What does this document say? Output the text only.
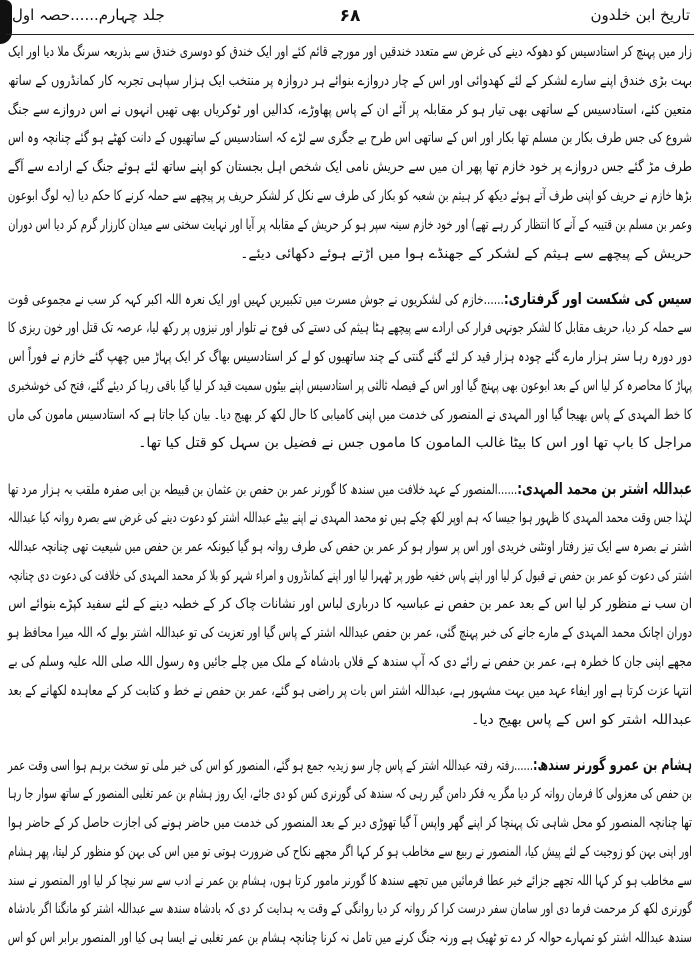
تاریخ ابن خلدون
۶۸
جلد چہارم......حصہ اول
زار میں پہنچ کر استادسیس کو دھوکہ دینے کی غرض سے متعدد خندقیں اور مورچے قائم کئے اور ایک خندق کو دوسری خندق سے بذریعہ سرنگ ملا دیا اور ایک
بہت بڑی خندق اپنے سارے لشکر کے لئے کھدوائی اور اس کے چار دروازے بنوائے ہر دروازہ پر منتخب ایک ہزار سپاہی تجربہ کار کمانڈروں کے ساتھ
متعین کئے، استادسیس کے ساتھی بھی تیار ہو کر مقابلہ پر آئے ان کے پاس پھاوڑے، کدالیں اور ٹوکریاں بھی تھیں انہوں نے اس دروازے سے جنگ
شروع کی جس طرف بکار بن مسلم تھا بکار اور اس کے ساتھی اس طرح بے جگری سے لڑے کہ استادسیس کے ساتھیوں کے دانت کھٹے ہو گئے چنانچہ وہ اس
طرف مڑ گئے جس دروازے پر خود خازم تھا پھر ان میں سے حریش نامی ایک شخص اہل بجستان کو اپنے ساتھ لئے ہوئے جنگ کے ارادے سے آگے
بڑھا خازم نے حریف کو اپنی طرف آتے ہوئے دیکھ کر ہیثم بن شعبہ کو بکار کی طرف سے نکل کر لشکر حریف پر پیچھے سے حملہ کرنے کا حکم دیا (یہ لوگ ابوعون
وعمر بن مسلم بن قتیبہ کے آنے کا انتظار کر رہے تھے) اور خود خازم سینہ سپر ہو کر حریش کے مقابلہ پر آیا اور نہایت سختی سے میدان کارزار گرم کر دیا اس دوران
حریش کے پیچھے سے ہیثم کے لشکر کے جھنڈے ہوا میں اڑتے ہوئے دکھائی دیئے۔
سیس کی شکست اور گرفتاری:......خازم کی لشکریوں نے جوش مسرت میں تکبیریں کہیں اور ایک نعرہ اللہ اکبر کہہ کر سب نے مجموعی قوت
سے حملہ کر دیا، حریف مقابل کا لشکر جونہی فرار کی ارادے سے پیچھے ہٹا ہیثم کی دستے کی فوج نے تلوار اور نیزوں پر رکھ لیا، عرصہ تک قتل اور خون ریزی کا
دور دورہ رہا ستر ہزار مارے گئے چودہ ہزار قید کر لئے گئے گنتی کے چند ساتھیوں کو لے کر استادسیس بھاگ کر ایک پہاڑ میں چھپ گئے خازم نے فوراً اس
پہاڑ کا محاصرہ کر لیا اس کے بعد ابوعون بھی پہنچ گیا اور اس کے فیصلہ ثالثی پر استادسیس اپنے بیٹوں سمیت قید کر لیا گیا باقی رہا کر دیئے گئے، فتح کی خوشخبری
کا خط المہدی کے پاس بھیجا گیا اور المہدی نے المنصور کی خدمت میں اپنی کامیابی کا حال لکھ کر بھیج دیا۔ بیان کیا جاتا ہے کہ استادسیس مامون کی ماں
مراجل کا باپ تھا اور اس کا بیٹا غالب المامون کا ماموں جس نے فضیل بن سہل کو قتل کیا تھا۔
عبداللہ اشتر بن محمد المہدی:......المنصور کے عہد خلافت میں سندھ کا گورنر عمر بن حفص بن عثمان بن قبیطہ بن ابی صفرہ ملقب بہ ہزار مرد تھا
لہٰذا جس وقت محمد المہدی کا ظہور ہوا جیسا کہ ہم اوپر لکھ چکے ہیں تو محمد المہدی نے اپنے بیٹے عبداللہ اشتر کو دعوت دینے کی غرض سے بصرہ روانہ کیا عبداللہ
اشتر نے بصرہ سے ایک تیز رفتار اونٹنی خریدی اور اس پر سوار ہو کر عمر بن حفص کی طرف روانہ ہو گیا کیونکہ عمر بن حفص میں شیعیت تھی چنانچہ عبداللہ
اشتر کی دعوت کو عمر بن حفص نے قبول کر لیا اور اپنے پاس خفیہ طور پر ٹھہرا لیا اور اپنے کمانڈروں و امراء شہر کو بلا کر محمد المہدی کی خلافت کی دعوت دی چنانچہ
ان سب نے منظور کر لیا اس کے بعد عمر بن حفص نے عباسیہ کا درباری لباس اور نشانات چاک کر کے خطبہ دینے کے لئے سفید کپڑے بنوائے اس
دوران اچانک محمد المہدی کے مارے جانے کی خبر پہنچ گئی، عمر بن حفص عبداللہ اشتر کے پاس گیا اور تعزیت کی تو عبداللہ اشتر بولے کہ اللہ میرا محافظ ہو
مجھے اپنی جان کا خطرہ ہے، عمر بن حفص نے رائے دی کہ آپ سندھ کے فلاں بادشاہ کے ملک میں چلے جائیں وہ رسول اللہ صلی اللہ علیہ وسلم کی بے
انتہا عزت کرتا ہے اور ایفاء عہد میں بہت مشہور ہے، عبداللہ اشتر اس بات پر راضی ہو گئے، عمر بن حفص نے خط و کتابت کر کے معاہدہ لکھانے کے بعد
عبداللہ اشتر کو اس کے پاس بھیج دیا۔
ہشام بن عمرو گورنر سندھ:......رفتہ رفتہ عبداللہ اشتر کے پاس چار سو زیدیہ جمع ہو گئے، المنصور کو اس کی خبر ملی تو سخت برہم ہوا اسی وقت عمر
بن حفص کی معزولی کا فرمان روانہ کر دیا مگر یہ فکر دامن گیر رہی کہ سندھ کی گورنری کس کو دی جائے، ایک روز ہشام بن عمر تغلبی المنصور کے ساتھ سوار جا رہا
تھا چنانچہ المنصور کو محل شاہی تک پہنچا کر اپنے گھر واپس آ گیا تھوڑی دیر کے بعد المنصور کی خدمت میں حاضر ہونے کی اجازت حاصل کر کے حاضر ہوا
اور اپنی بہن کو زوجیت کے لئے پیش کیا، المنصور نے ربیع سے مخاطب ہو کر کہا اگر مجھے نکاح کی ضرورت ہوتی تو میں اس کی بہن کو منظور کر لیتا، پھر ہشام
سے مخاطب ہو کر کہا اللہ تجھے جزائے خیر عطا فرمائیں میں تجھے سندھ کا گورنر مامور کرتا ہوں، ہشام بن عمر نے ادب سے سر نیچا کر لیا اور المنصور نے سند
گورنری لکھ کر مرحمت فرما دی اور سامان سفر درست کرا کر روانہ کر دیا روانگی کے وقت یہ ہدایت کر دی کہ بادشاہ سندھ سے عبداللہ اشتر کو مانگنا اگر بادشاہ
سندھ عبداللہ اشتر کو تمہارے حوالہ کر دے تو ٹھیک ہے ورنہ جنگ کرنے میں تامل نہ کرنا چنانچہ ہشام بن عمر تغلبی نے ایسا ہی کیا اور المنصور برابر اس کو اس
